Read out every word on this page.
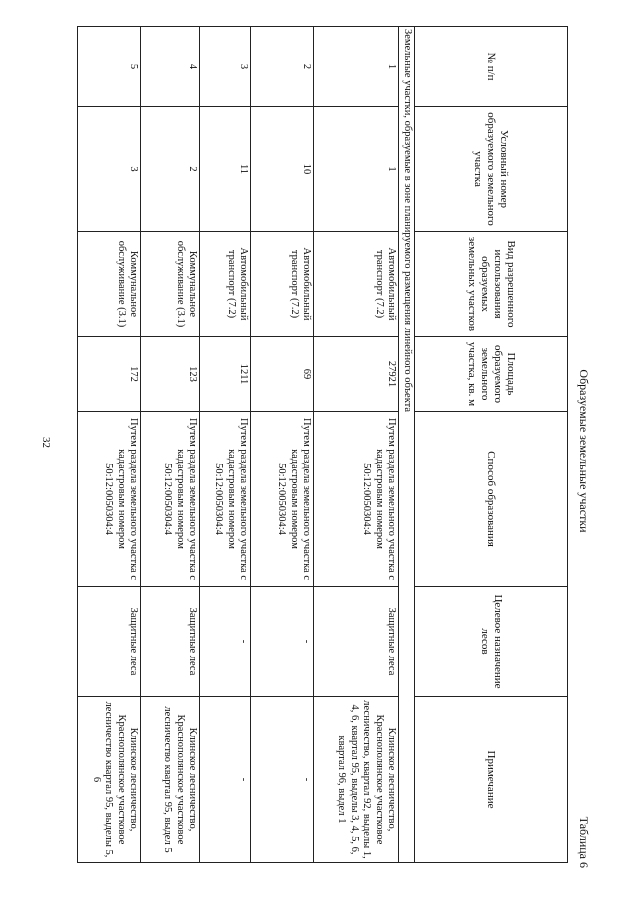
32
Таблица 6
Образуемые земельные участки
№ п/п	Условный номер образуемого земельного участка	Вид разрешенного использования образуемых земельных участков	Площадь образуемого земельного участка, кв. м	Способ образования	Целевое назначение лесов	Примечание
Земельные участки, образуемые в зоне планируемого размещения линейного объекта						
1	1	Автомобильный транспорт (7.2)	27921	Путем раздела земельного участка с кадастровым номером 50:12:0050304:4	Защитные леса	Клинское лесничество, Краснополянское участковое лесничество, квартал 92, выделы 1, 4, 6, квартал 95, выделы 3, 4, 5, 6, квартал 96, выдел 1
2	10	Автомобильный транспорт (7.2)	69	Путем раздела земельного участка с кадастровым номером 50:12:0050304:4	-	-
3	11	Автомобильный транспорт (7.2)	1211	Путем раздела земельного участка с кадастровым номером 50:12:0050304:4	-	-
4	2	Коммунальное обслуживание (3.1)	123	Путем раздела земельного участка с кадастровым номером 50:12:0050304:4	Защитные леса	Клинское лесничество, Краснополянское участковое лесничество квартал 95, выдел 5
5	3	Коммунальное обслуживание (3.1)	172	Путем раздела земельного участка с кадастровым номером 50:12:0050304:4	Защитные леса	Клинское лесничество, Краснополянское участковое лесничество квартал 95, выделы 5, 6
